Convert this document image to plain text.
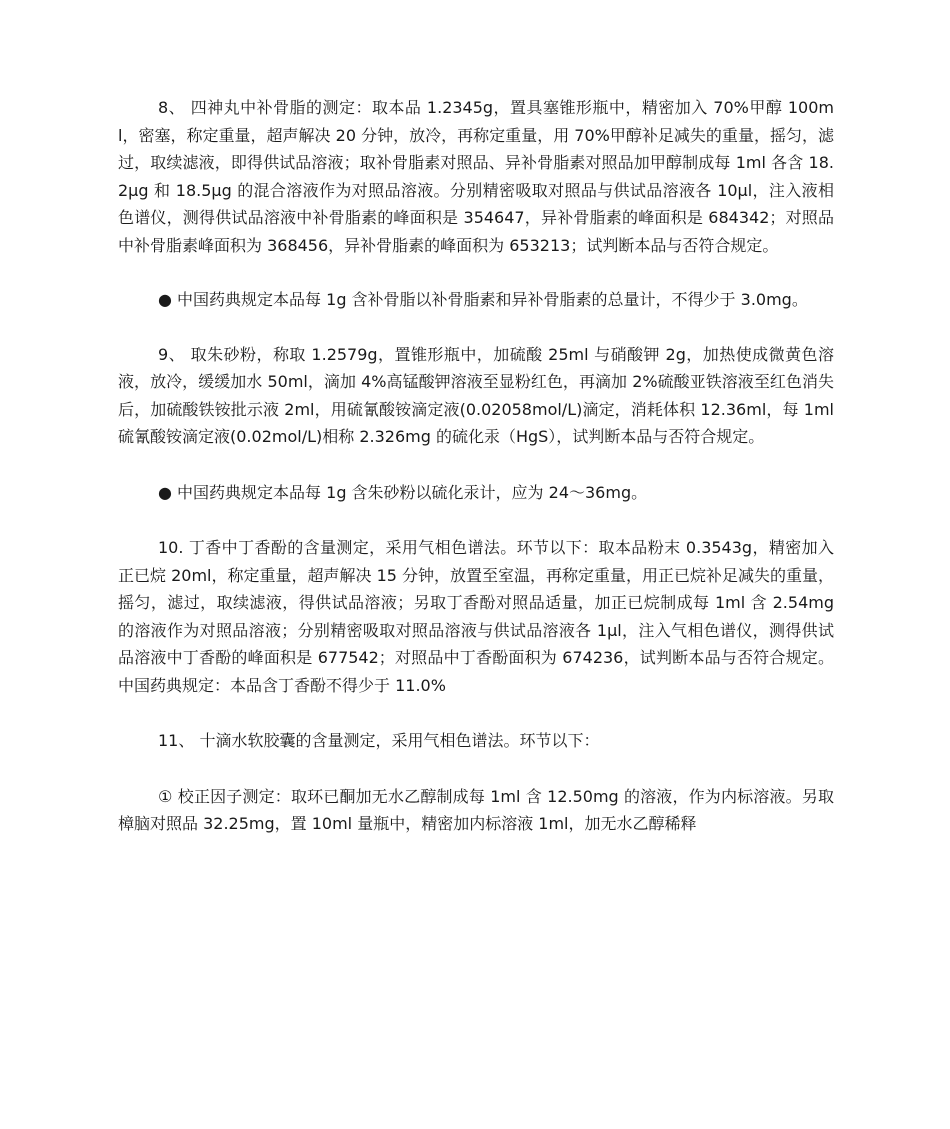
8、 四神丸中补骨脂的测定：取本品 1.2345g，置具塞锥形瓶中，精密加入 70%甲醇 100ml，密塞，称定重量，超声解决 20 分钟，放冷，再称定重量，用 70%甲醇补足减失的重量，摇匀，滤过，取续滤液，即得供试品溶液；取补骨脂素对照品、异补骨脂素对照品加甲醇制成每 1ml 各含 18.2μg 和 18.5μg 的混合溶液作为对照品溶液。分别精密吸取对照品与供试品溶液各 10μl，注入液相色谱仪，测得供试品溶液中补骨脂素的峰面积是 354647，异补骨脂素的峰面积是 684342；对照品中补骨脂素峰面积为 368456，异补骨脂素的峰面积为 653213；试判断本品与否符合规定。

● 中国药典规定本品每 1g 含补骨脂以补骨脂素和异补骨脂素的总量计，不得少于 3.0mg。

9、 取朱砂粉，称取 1.2579g，置锥形瓶中，加硫酸 25ml 与硝酸钾 2g，加热使成微黄色溶液，放冷，缓缓加水 50ml，滴加 4%高锰酸钾溶液至显粉红色，再滴加 2%硫酸亚铁溶液至红色消失后，加硫酸铁铵批示液 2ml，用硫氰酸铵滴定液(0.02058mol/L)滴定，消耗体积 12.36ml，每 1ml 硫氰酸铵滴定液(0.02mol/L)相称 2.326mg 的硫化汞（HgS），试判断本品与否符合规定。

● 中国药典规定本品每 1g 含朱砂粉以硫化汞计，应为 24～36mg。

10. 丁香中丁香酚的含量测定，采用气相色谱法。环节以下：取本品粉末 0.3543g，精密加入正已烷 20ml，称定重量，超声解决 15 分钟，放置至室温，再称定重量，用正已烷补足减失的重量，摇匀，滤过，取续滤液，得供试品溶液；另取丁香酚对照品适量，加正已烷制成每 1ml 含 2.54mg 的溶液作为对照品溶液；分别精密吸取对照品溶液与供试品溶液各 1μl，注入气相色谱仪，测得供试品溶液中丁香酚的峰面积是 677542；对照品中丁香酚面积为 674236，试判断本品与否符合规定。中国药典规定：本品含丁香酚不得少于 11.0%

11、 十滴水软胶囊的含量测定，采用气相色谱法。环节以下：

① 校正因子测定：取环已酮加无水乙醇制成每 1ml 含 12.50mg 的溶液，作为内标溶液。另取樟脑对照品 32.25mg，置 10ml 量瓶中，精密加内标溶液 1ml，加无水乙醇稀释
